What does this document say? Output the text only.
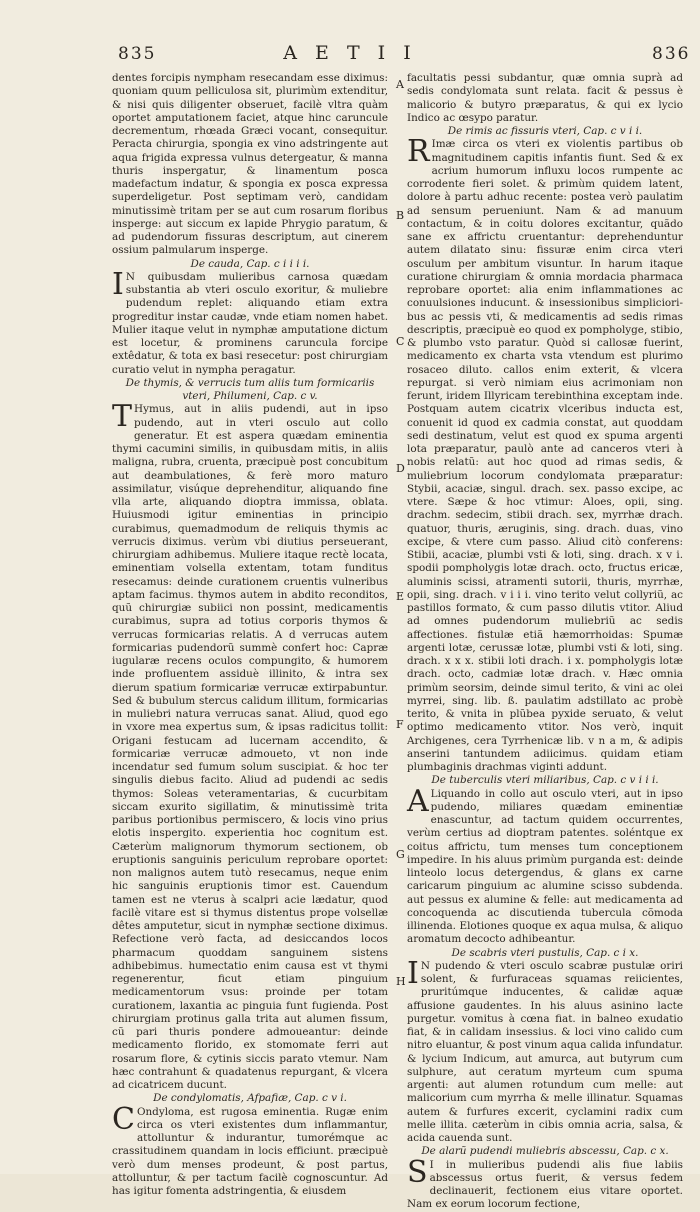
835	A E T I I	836

dentes forcipis nympham resecandam esse diximus: quoniam quum pelliculosa sit, plurimùm extenditur, & nisi quis diligenter obseruet, facilè vltra quàm oportet amputationem faciet, atque hinc caruncule decrementum, rhœada Græci vocant, consequitur. Peracta chirurgia, spongia ex vino adstringente aut aqua frigida expressa vulnus detergeatur, & manna thuris inspergatur, & linamentum posca madefactum indatur, & spongia ex posca expressa superdeligetur. Post septimam verò, candidam minutissimè tritam per se aut cum rosarum floribus insperge: aut siccum ex lapide Phrygio paratum, & ad pudendorum fissuras descriptum, aut cinerem ossium palmularum insperge.

De cauda, Cap. c i i i i.

IN quibusdam mulieribus carnosa quædam substantia ab vteri osculo exoritur, & muliebre pudendum replet: aliquando etiam extra progreditur instar caudæ, vnde etiam nomen habet. Mulier itaque velut in nymphæ amputatione dictum est locetur, & prominens caruncula forcipe extêdatur, & tota ex basi resecetur: post chirurgiam curatio velut in nympha peragatur.

De thymis, & verrucis tum aliis tum formicariis vteri, Philumeni, Cap. c v.

THymus, aut in aliis pudendi, aut in ipso pudendo, aut in vteri osculo aut collo generatur. Et est aspera quædam eminentia thymi cacumini similis, in quibusdam mitis, in aliis maligna, rubra, cruenta, præcipuè post concubitum aut deambulationes, & ferè moro maturo assimilatur, visúque deprehenditur, aliquando fine vlla arte, aliquando dioptra immissa, oblata. Huiusmodi igitur eminentias in principio curabimus, quemadmodum de reliquis thymis ac verrucis diximus. verùm vbi diutius perseuerant, chirurgiam adhibemus. Muliere itaque rectè locata, eminentiam volsella extentam, totam funditus resecamus: deinde curationem cruentis vulneribus aptam facimus. thymos autem in abdito reconditos, quũ chirurgiæ subiici non possint, medicamentis curabimus, supra ad totius corporis thymos & verrucas formicarias relatis. A d verrucas autem formicarias pudendorũ summè confert hoc: Capræ iugularæ recens oculos compungito, & humorem inde profluentem assiduè illinito, & intra sex dierum spatium formicariæ verrucæ extirpabuntur. Sed & bubulum stercus calidum illitum, formicarias in muliebri natura verrucas sanat. Aliud, quod ego in vxore mea expertus sum, & ipsas radicitus tollit: Origani festucam ad lucernam accendito, & formicariæ verrucæ admoueto, vt non inde incendatur sed fumum solum suscipiat. & hoc ter singulis diebus facito. Aliud ad pudendi ac sedis thymos: Soleas veteramentarias, & cucurbitam siccam exurito sigillatim, & minutissimè trita paribus portionibus permiscero, & locis vino prius elotis inspergito. experientia hoc cognitum est. Cæterùm malignorum thymorum sectionem, ob eruptionis sanguinis periculum reprobare oportet: non malignos autem tutò resecamus, neque enim hic sanguinis eruptionis timor est. Cauendum tamen est ne vterus à scalpri acie lædatur, quod facilè vitare est si thymus distentus prope volsellæ dêtes amputetur, sicut in nymphæ sectione diximus. Refectione verò facta, ad desiccandos locos pharmacum quoddam sanguinem sistens adhibebimus. humectatio enim causa est vt thymi regenerentur, ficut etiam pinguium medicamentorum vsus: proinde per totam curationem, laxantia ac pinguia funt fugienda. Post chirurgiam protinus galla trita aut alumen fissum, cũ pari thuris pondere admoueantur: deinde medicamento florido, ex stomomate ferri aut rosarum flore, & cytinis siccis parato vtemur. Nam hæc contrahunt & quadatenus repurgant, & vlcera ad cicatricem ducunt.

De condylomatis, Afpafiæ, Cap. c v i.

COndyloma, est rugosa eminentia. Rugæ enim circa os vteri existentes dum inflammantur, attolluntur & indurantur, tumorémque ac crassitudinem quandam in locis efficiunt. præcipuè verò dum menses prodeunt, & post partus, attolluntur, & per tactum facilè cognoscuntur. Ad has igitur fomenta adstringentia, & eiusdem

facultatis pessi subdantur, quæ omnia suprà ad sedis condylomata sunt relata. facit & pessus è malicorio & butyro præparatus, & qui ex lycio Indico ac œsypo paratur.

De rimis ac fissuris vteri, Cap. c v i i.

RImæ circa os vteri ex violentis partibus ob magnitudinem capitis infantis fiunt. Sed & ex acrium humorum influxu locos rumpente ac corrodente fieri solet. & primùm quidem latent, dolore à partu adhuc recente: postea verò paulatim ad sensum perueniunt. Nam & ad manuum contactum, & in coitu dolores excitantur, quãdo sane ex affrictu cruentantur: deprehenduntur autem dilatato sinu: fissuræ enim circa vteri osculum per ambitum visuntur. In harum itaque curatione chirurgiam & omnia mordacia pharmaca reprobare oportet: alia enim inflammationes ac conuulsiones inducunt. & insessionibus simplicioribus ac pessis vti, & medicamentis ad sedis rimas descriptis, præcipuè eo quod ex pompholyge, stibio, & plumbo vsto paratur. Quòd si callosæ fuerint, medicamento ex charta vsta vtendum est plurimo rosaceo diluto. callos enim exterit, & vlcera repurgat. si verò nimiam eius acrimoniam non ferunt, iridem Illyricam terebinthina exceptam inde. Postquam autem cicatrix vlceribus inducta est, conuenit id quod ex cadmia constat, aut quoddam sedi destinatum, velut est quod ex spuma argenti lota præparatur, paulò ante ad canceros vteri à nobis relatũ: aut hoc quod ad rimas sedis, & muliebrium locorum condylomata præparatur: Stybii, acaciæ, singul. drach. sex. passo excipe, ac vtere. Sæpe & hoc vtimur: Aloes, opii, sing. drachm. sedecim, stibii drach. sex, myrrhæ drach. quatuor, thuris, æruginis, sing. drach. duas, vino excipe, & vtere cum passo. Aliud citò conferens: Stibii, acaciæ, plumbi vsti & loti, sing. drach. x v i. spodii pompholygis lotæ drach. octo, fructus ericæ, aluminis scissi, atramenti sutorii, thuris, myrrhæ, opii, sing. drach. v i i i. vino terito velut collyriũ, ac pastillos formato, & cum passo dilutis vtitor. Aliud ad omnes pudendorum muliebriũ ac sedis affectiones. fistulæ etiã hæmorrhoidas: Spumæ argenti lotæ, cerussæ lotæ, plumbi vsti & loti, sing. drach. x x x. stibii loti drach. i x. pompholygis lotæ drach. octo, cadmiæ lotæ drach. v. Hæc omnia primùm seorsim, deinde simul terito, & vini ac olei myrrei, sing. lib. ß. paulatim adstillato ac probè terito, & vnita in plũbea pyxide seruato, & velut optimo medicamento vtitor. Nos verò, inquit Archigenes, cera Tyrrhenicæ lib. v n a m, & adipis anserini tantundem adiicimus. quidam etiam plumbaginis drachmas viginti addunt.

De tuberculis vteri miliaribus, Cap. c v i i i.

ALiquando in collo aut osculo vteri, aut in ipso pudendo, miliares quædam eminentiæ enascuntur, ad tactum quidem occurrentes, verùm certius ad dioptram patentes. soléntque ex coitus affrictu, tum menses tum conceptionem impedire. In his aluus primùm purganda est: deinde linteolo locus detergendus, & glans ex carne caricarum pinguium ac alumine scisso subdenda. aut pessus ex alumine & felle: aut medicamenta ad concoquenda ac discutienda tubercula cõmoda illinenda. Elotiones quoque ex aqua mulsa, & aliquo aromatum decocto adhibeantur.

De scabris vteri pustulis, Cap. c i x.

IN pudendo & vteri osculo scabræ pustulæ oriri solent, & furfuraceas squamas reiicientes, pruritúmque inducentes, & calidæ aquæ affusione gaudentes. In his aluus asinino lacte purgetur. vomitus à cœna fiat. in balneo exudatio fiat, & in calidam insessius. & loci vino calido cum nitro eluantur, & post vinum aqua calida infundatur. & lycium Indicum, aut amurca, aut butyrum cum sulphure, aut ceratum myrteum cum spuma argenti: aut alumen rotundum cum melle: aut malicorium cum myrrha & melle illinatur. Squamas autem & furfures excerit, cyclamini radix cum melle illita. cæterùm in cibis omnia acria, salsa, & acida cauenda sunt.

De alarũ pudendi muliebris abscessu, Cap. c x.

SI in mulieribus pudendi alis fiue labiis abscessus ortus fuerit, & versus fedem declinauerit, fectionem eius vitare oportet. Nam ex eorum locorum fectione,

A
B
C
D
E
F
G
H
